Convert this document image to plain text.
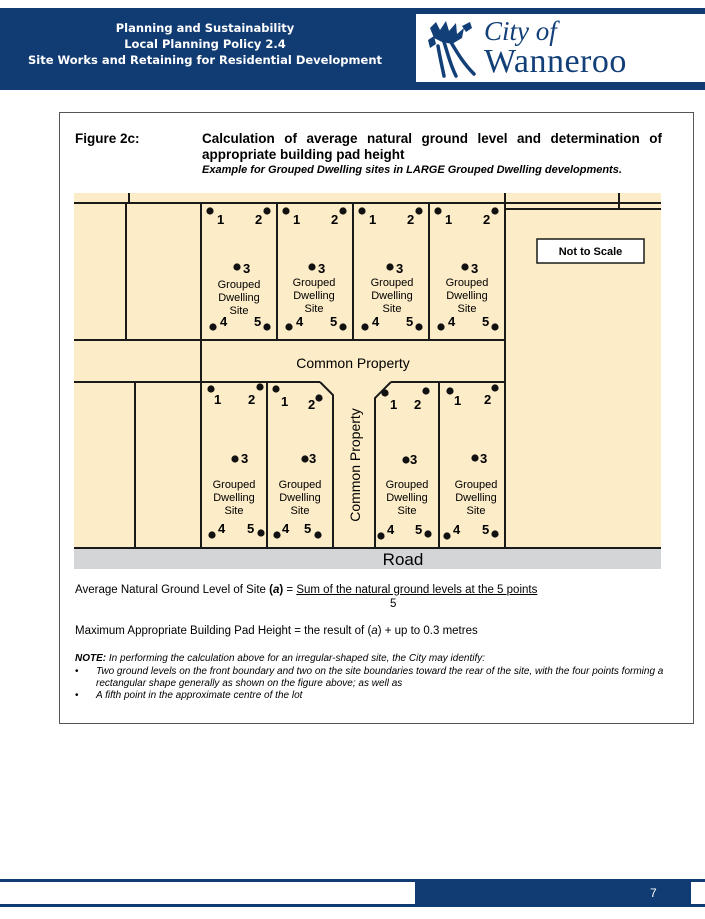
Planning and Sustainability
Local Planning Policy 2.4
Site Works and Retaining for Residential Development
City of
Wanneroo
Figure 2c:	Calculation of average natural ground level and determination of appropriate building pad height
Example for Grouped Dwelling sites in LARGE Grouped Dwelling developments.
Not to Scale
Common Property
Common Property
Road
1 2
3
4 5
Grouped
Dwelling
Site
1 2
3
4 5
Grouped
Dwelling
Site
1 2
3
4 5
Grouped
Dwelling
Site
1 2
3
4 5
Grouped
Dwelling
Site
1 2
3
4 5
Grouped
Dwelling
Site
1 2
3
4 5
Grouped
Dwelling
Site
1 2
3
4 5
Grouped
Dwelling
Site
1 2
3
4 5
Grouped
Dwelling
Site
Average Natural Ground Level of Site (a) = Sum of the natural ground levels at the 5 points
5
Maximum Appropriate Building Pad Height = the result of (a) + up to 0.3 metres
NOTE: In performing the calculation above for an irregular-shaped site, the City may identify:
• Two ground levels on the front boundary and two on the site boundaries toward the rear of the site, with the four points forming a rectangular shape generally as shown on the figure above; as well as
• A fifth point in the approximate centre of the lot
7
